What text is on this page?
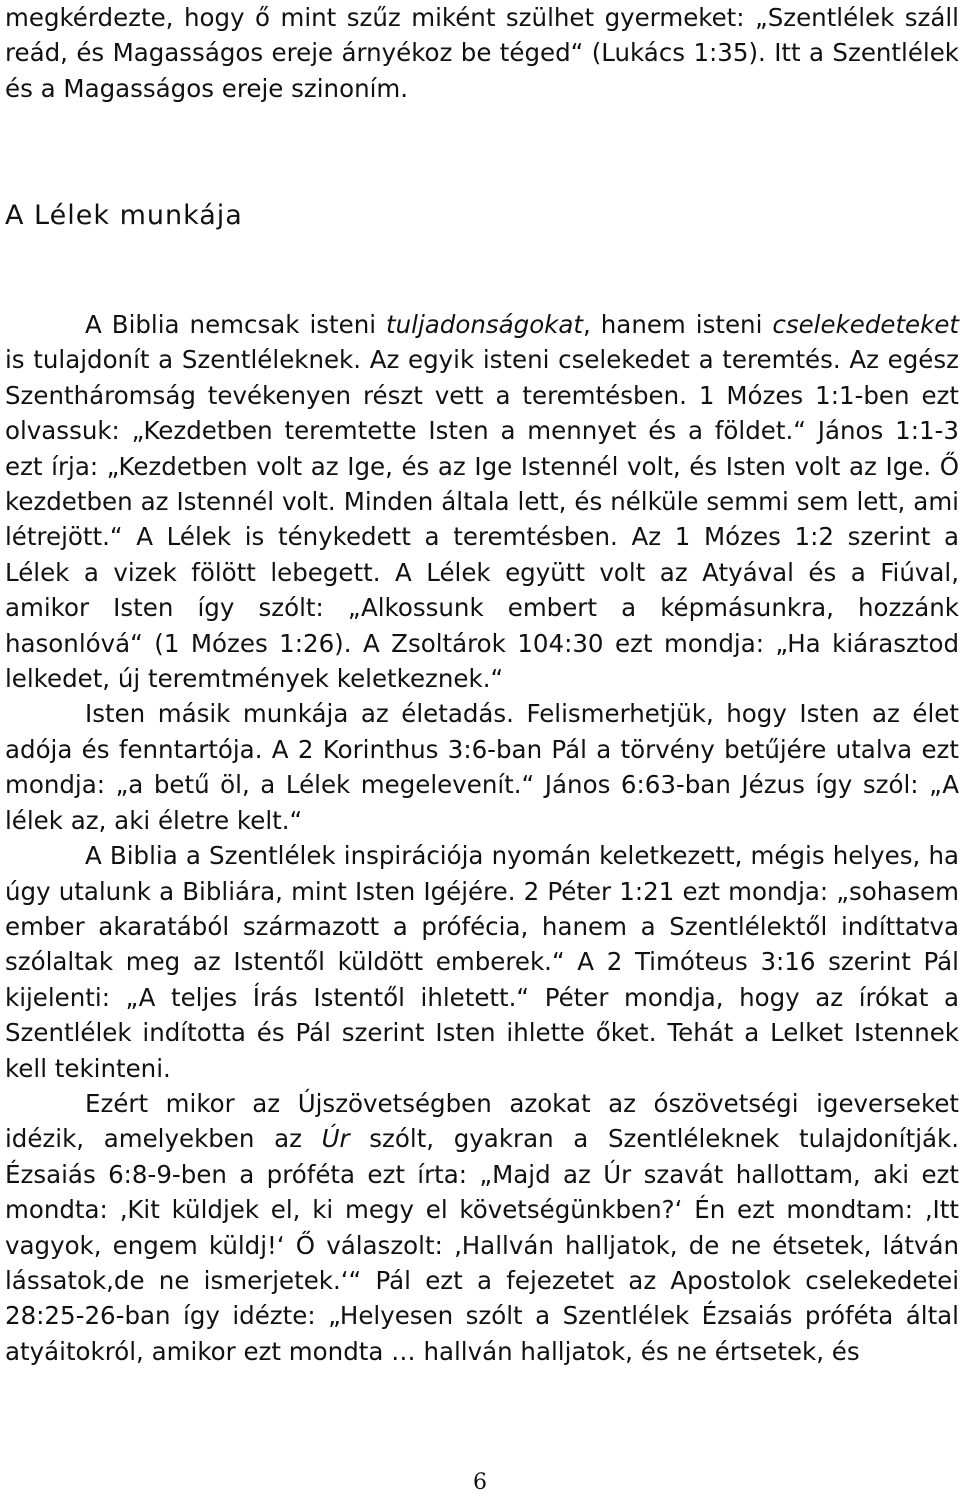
megkérdezte, hogy ő mint szűz miként szülhet gyermeket: „Szentlélek száll reád, és Magasságos ereje árnyékoz be téged“ (Lukács 1:35). Itt a Szentlélek és a Magasságos ereje szinoním.

A Lélek munkája

A Biblia nemcsak isteni tuljadonságokat, hanem isteni cselekedeteket is tulajdonít a Szentléleknek. Az egyik isteni cselekedet a teremtés. Az egész Szentháromság tevékenyen részt vett a teremtésben. 1 Mózes 1:1-ben ezt olvassuk: „Kezdetben teremtette Isten a mennyet és a földet.“ János 1:1-3 ezt írja: „Kezdetben volt az Ige, és az Ige Istennél volt, és Isten volt az Ige. Ő kezdetben az Istennél volt. Minden általa lett, és nélküle semmi sem lett, ami létrejött.“ A Lélek is ténykedett a teremtésben. Az 1 Mózes 1:2 szerint a Lélek a vizek fölött lebegett. A Lélek együtt volt az Atyával és a Fiúval, amikor Isten így szólt: „Alkossunk embert a képmásunkra, hozzánk hasonlóvá“ (1 Mózes 1:26). A Zsoltárok 104:30 ezt mondja: „Ha kiárasztod lelkedet, új teremtmények keletkeznek.“

Isten másik munkája az életadás. Felismerhetjük, hogy Isten az élet adója és fenntartója. A 2 Korinthus 3:6-ban Pál a törvény betűjére utalva ezt mondja: „a betű öl, a Lélek megelevenít.“ János 6:63-ban Jézus így szól: „A lélek az, aki életre kelt.“

A Biblia a Szentlélek inspirációja nyomán keletkezett, mégis helyes, ha úgy utalunk a Bibliára, mint Isten Igéjére. 2 Péter 1:21 ezt mondja: „sohasem ember akaratából származott a prófécia, hanem a Szentlélektől indíttatva szólaltak meg az Istentől küldött emberek.“ A 2 Timóteus 3:16 szerint Pál kijelenti: „A teljes Írás Istentől ihletett.“ Péter mondja, hogy az írókat a Szentlélek indította és Pál szerint Isten ihlette őket. Tehát a Lelket Istennek kell tekinteni.

Ezért mikor az Újszövetségben azokat az ószövetségi igeverseket idézik, amelyekben az Úr szólt, gyakran a Szentléleknek tulajdonítják. Ézsaiás 6:8-9-ben a próféta ezt írta: „Majd az Úr szavát hallottam, aki ezt mondta: ‚Kit küldjek el, ki megy el követségünkben?‘ Én ezt mondtam: ‚Itt vagyok, engem küldj!‘ Ő válaszolt: ‚Hallván halljatok, de ne étsetek, látván lássatok,de ne ismerjetek.‘“ Pál ezt a fejezetet az Apostolok cselekedetei 28:25-26-ban így idézte: „Helyesen szólt a Szentlélek Ézsaiás próféta által atyáitokról, amikor ezt mondta … hallván halljatok, és ne értsetek, és

6
